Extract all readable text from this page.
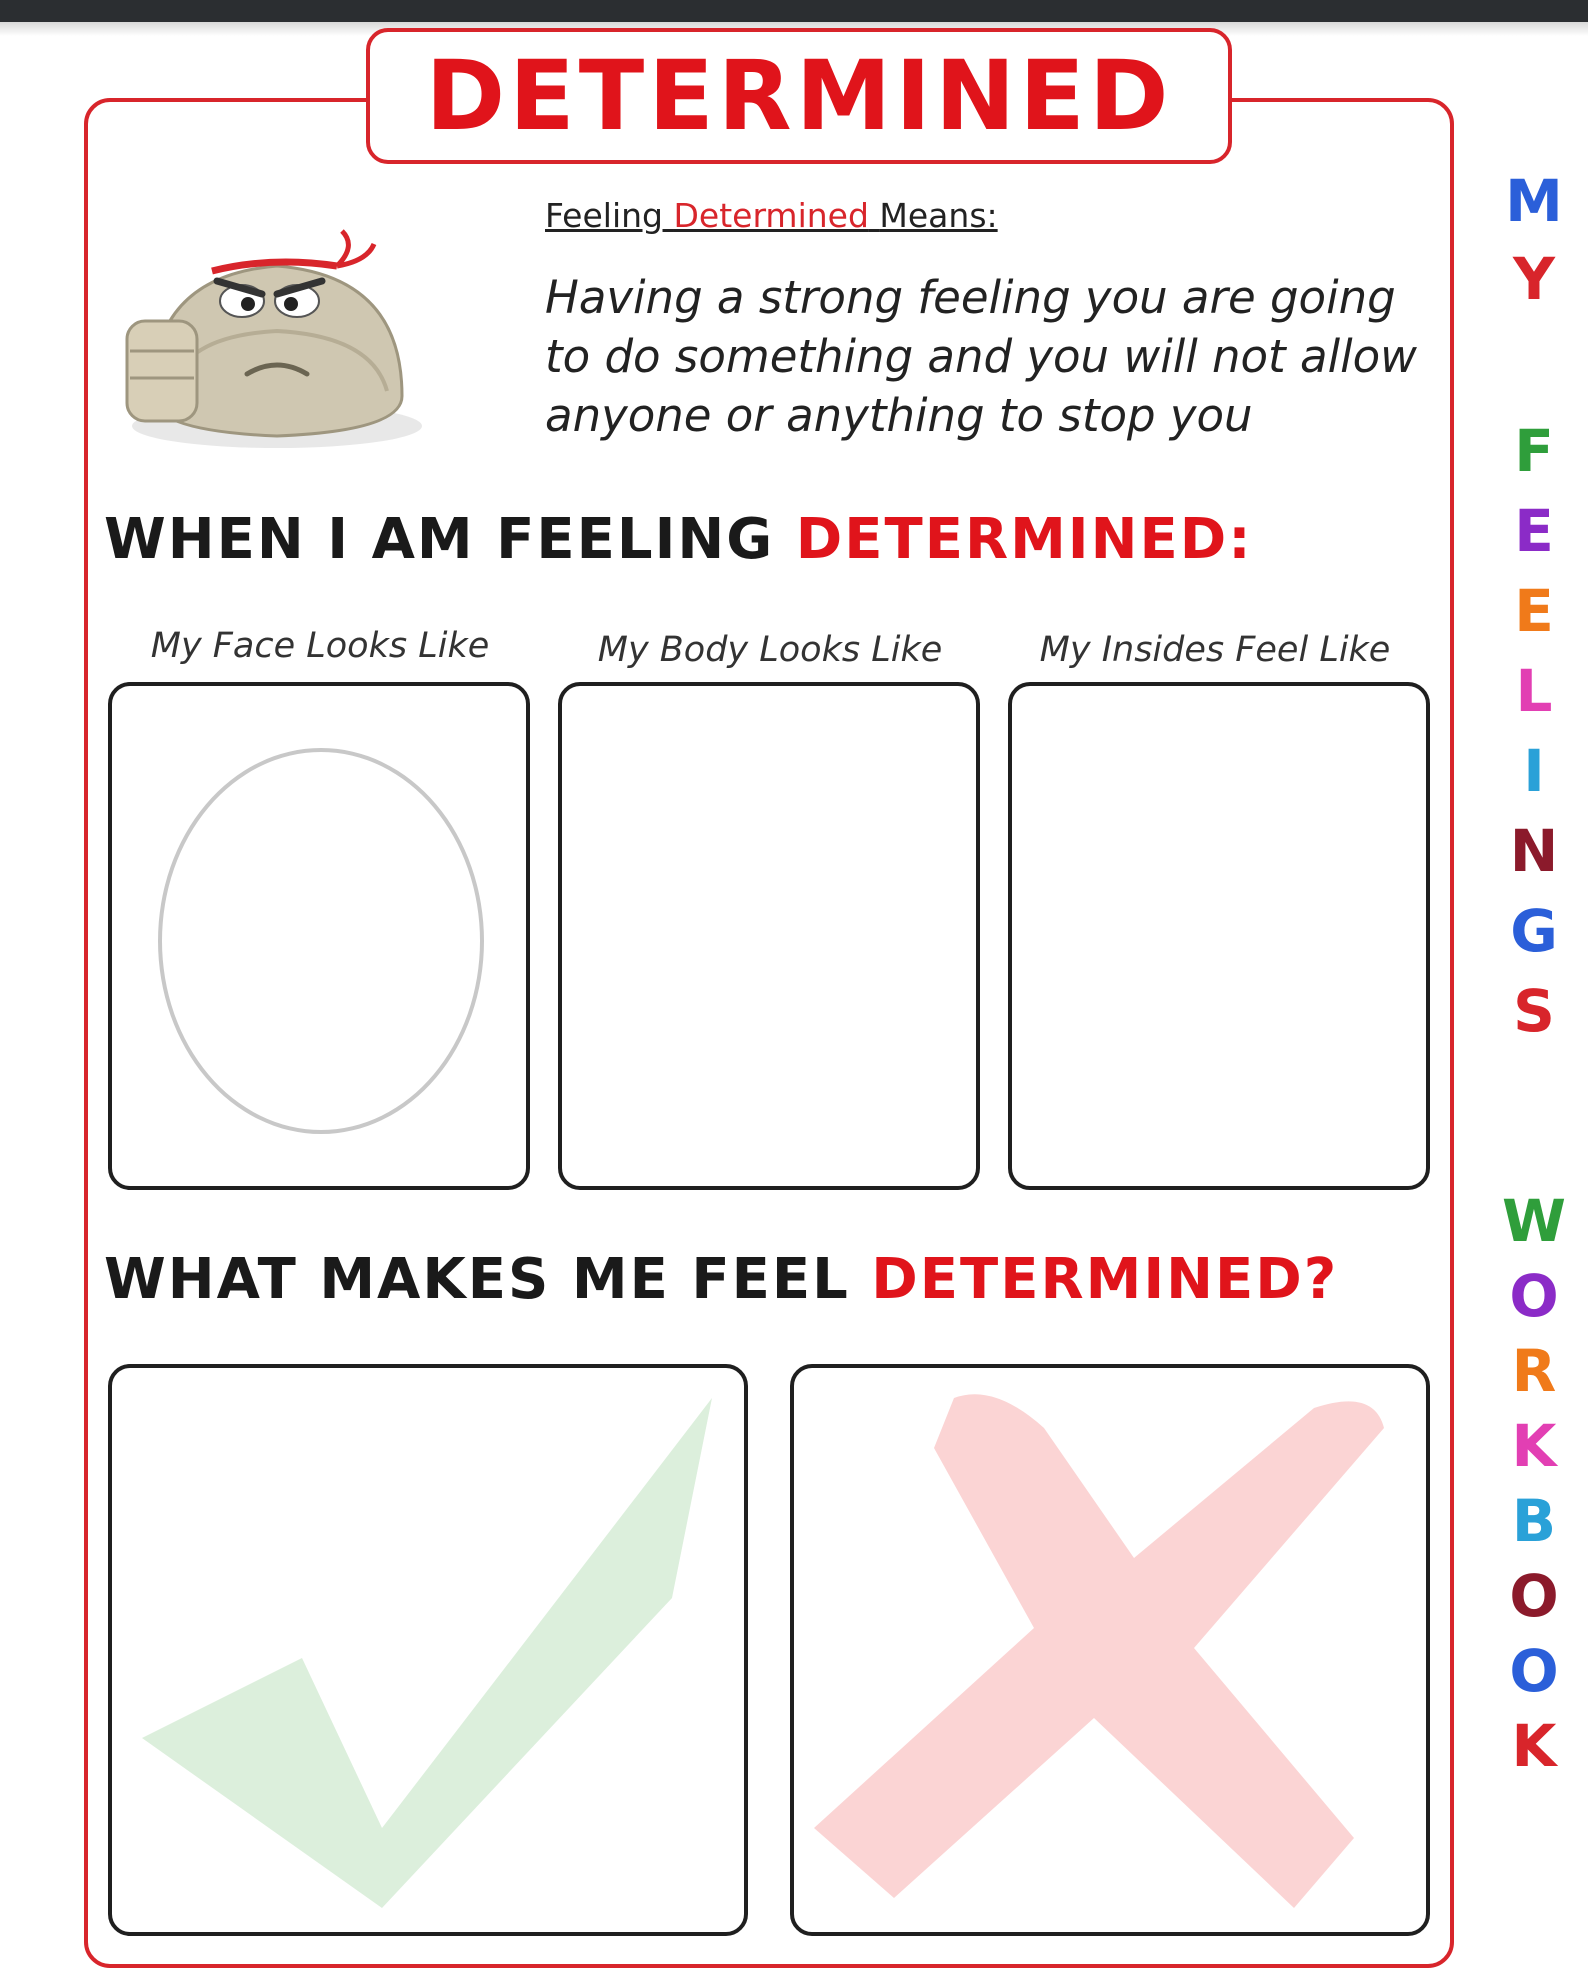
DETERMINED
Feeling Determined Means:
Having a strong feeling you are going to do something and you will not allow anyone or anything to stop you
WHEN I AM FEELING DETERMINED:
My Face Looks Like	My Body Looks Like	My Insides Feel Like
WHAT MAKES ME FEEL DETERMINED?
M
Y
F
E
E
L
I
N
G
S
W
O
R
K
B
O
O
K
